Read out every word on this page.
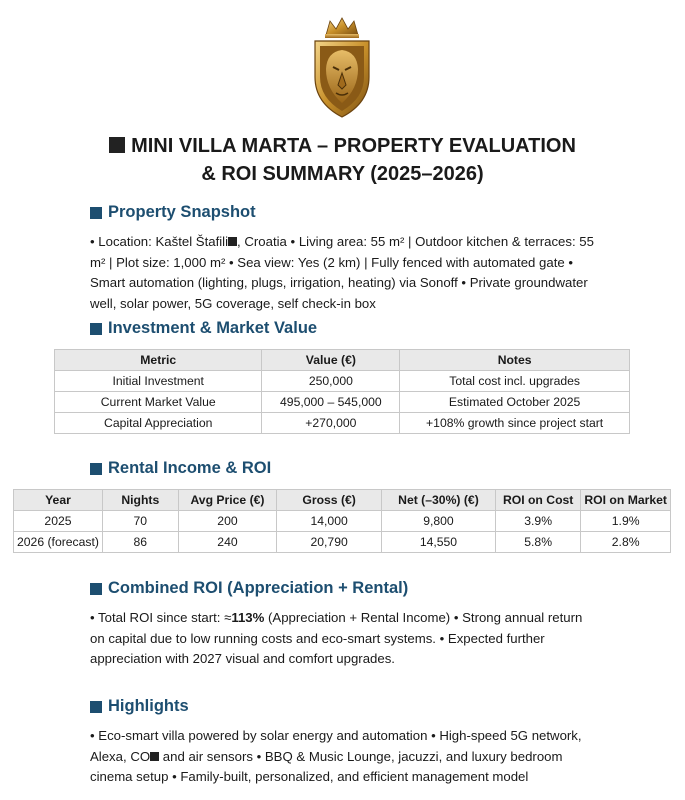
MINI VILLA MARTA – PROPERTY EVALUATION
& ROI SUMMARY (2025–2026)
Property Snapshot
• Location: Kaštel Štafili , Croatia • Living area: 55 m² | Outdoor kitchen & terraces: 55 m² | Plot size: 1,000 m² • Sea view: Yes (2 km) | Fully fenced with automated gate • Smart automation (lighting, plugs, irrigation, heating) via Sonoff • Private groundwater well, solar power, 5G coverage, self check-in box
Investment & Market Value
Metric	Value (€)	Notes
Initial Investment	250,000	Total cost incl. upgrades
Current Market Value	495,000 – 545,000	Estimated October 2025
Capital Appreciation	+270,000	+108% growth since project start
Rental Income & ROI
Year	Nights	Avg Price (€)	Gross (€)	Net (–30%) (€)	ROI on Cost	ROI on Market
2025	70	200	14,000	9,800	3.9%	1.9%
2026 (forecast)	86	240	20,790	14,550	5.8%	2.8%
Combined ROI (Appreciation + Rental)
• Total ROI since start: ≈113% (Appreciation + Rental Income) • Strong annual return on capital due to low running costs and eco-smart systems. • Expected further appreciation with 2027 visual and comfort upgrades.
Highlights
• Eco-smart villa powered by solar energy and automation • High-speed 5G network, Alexa, CO and air sensors • BBQ & Music Lounge, jacuzzi, and luxury bedroom cinema setup • Family-built, personalized, and efficient management model
